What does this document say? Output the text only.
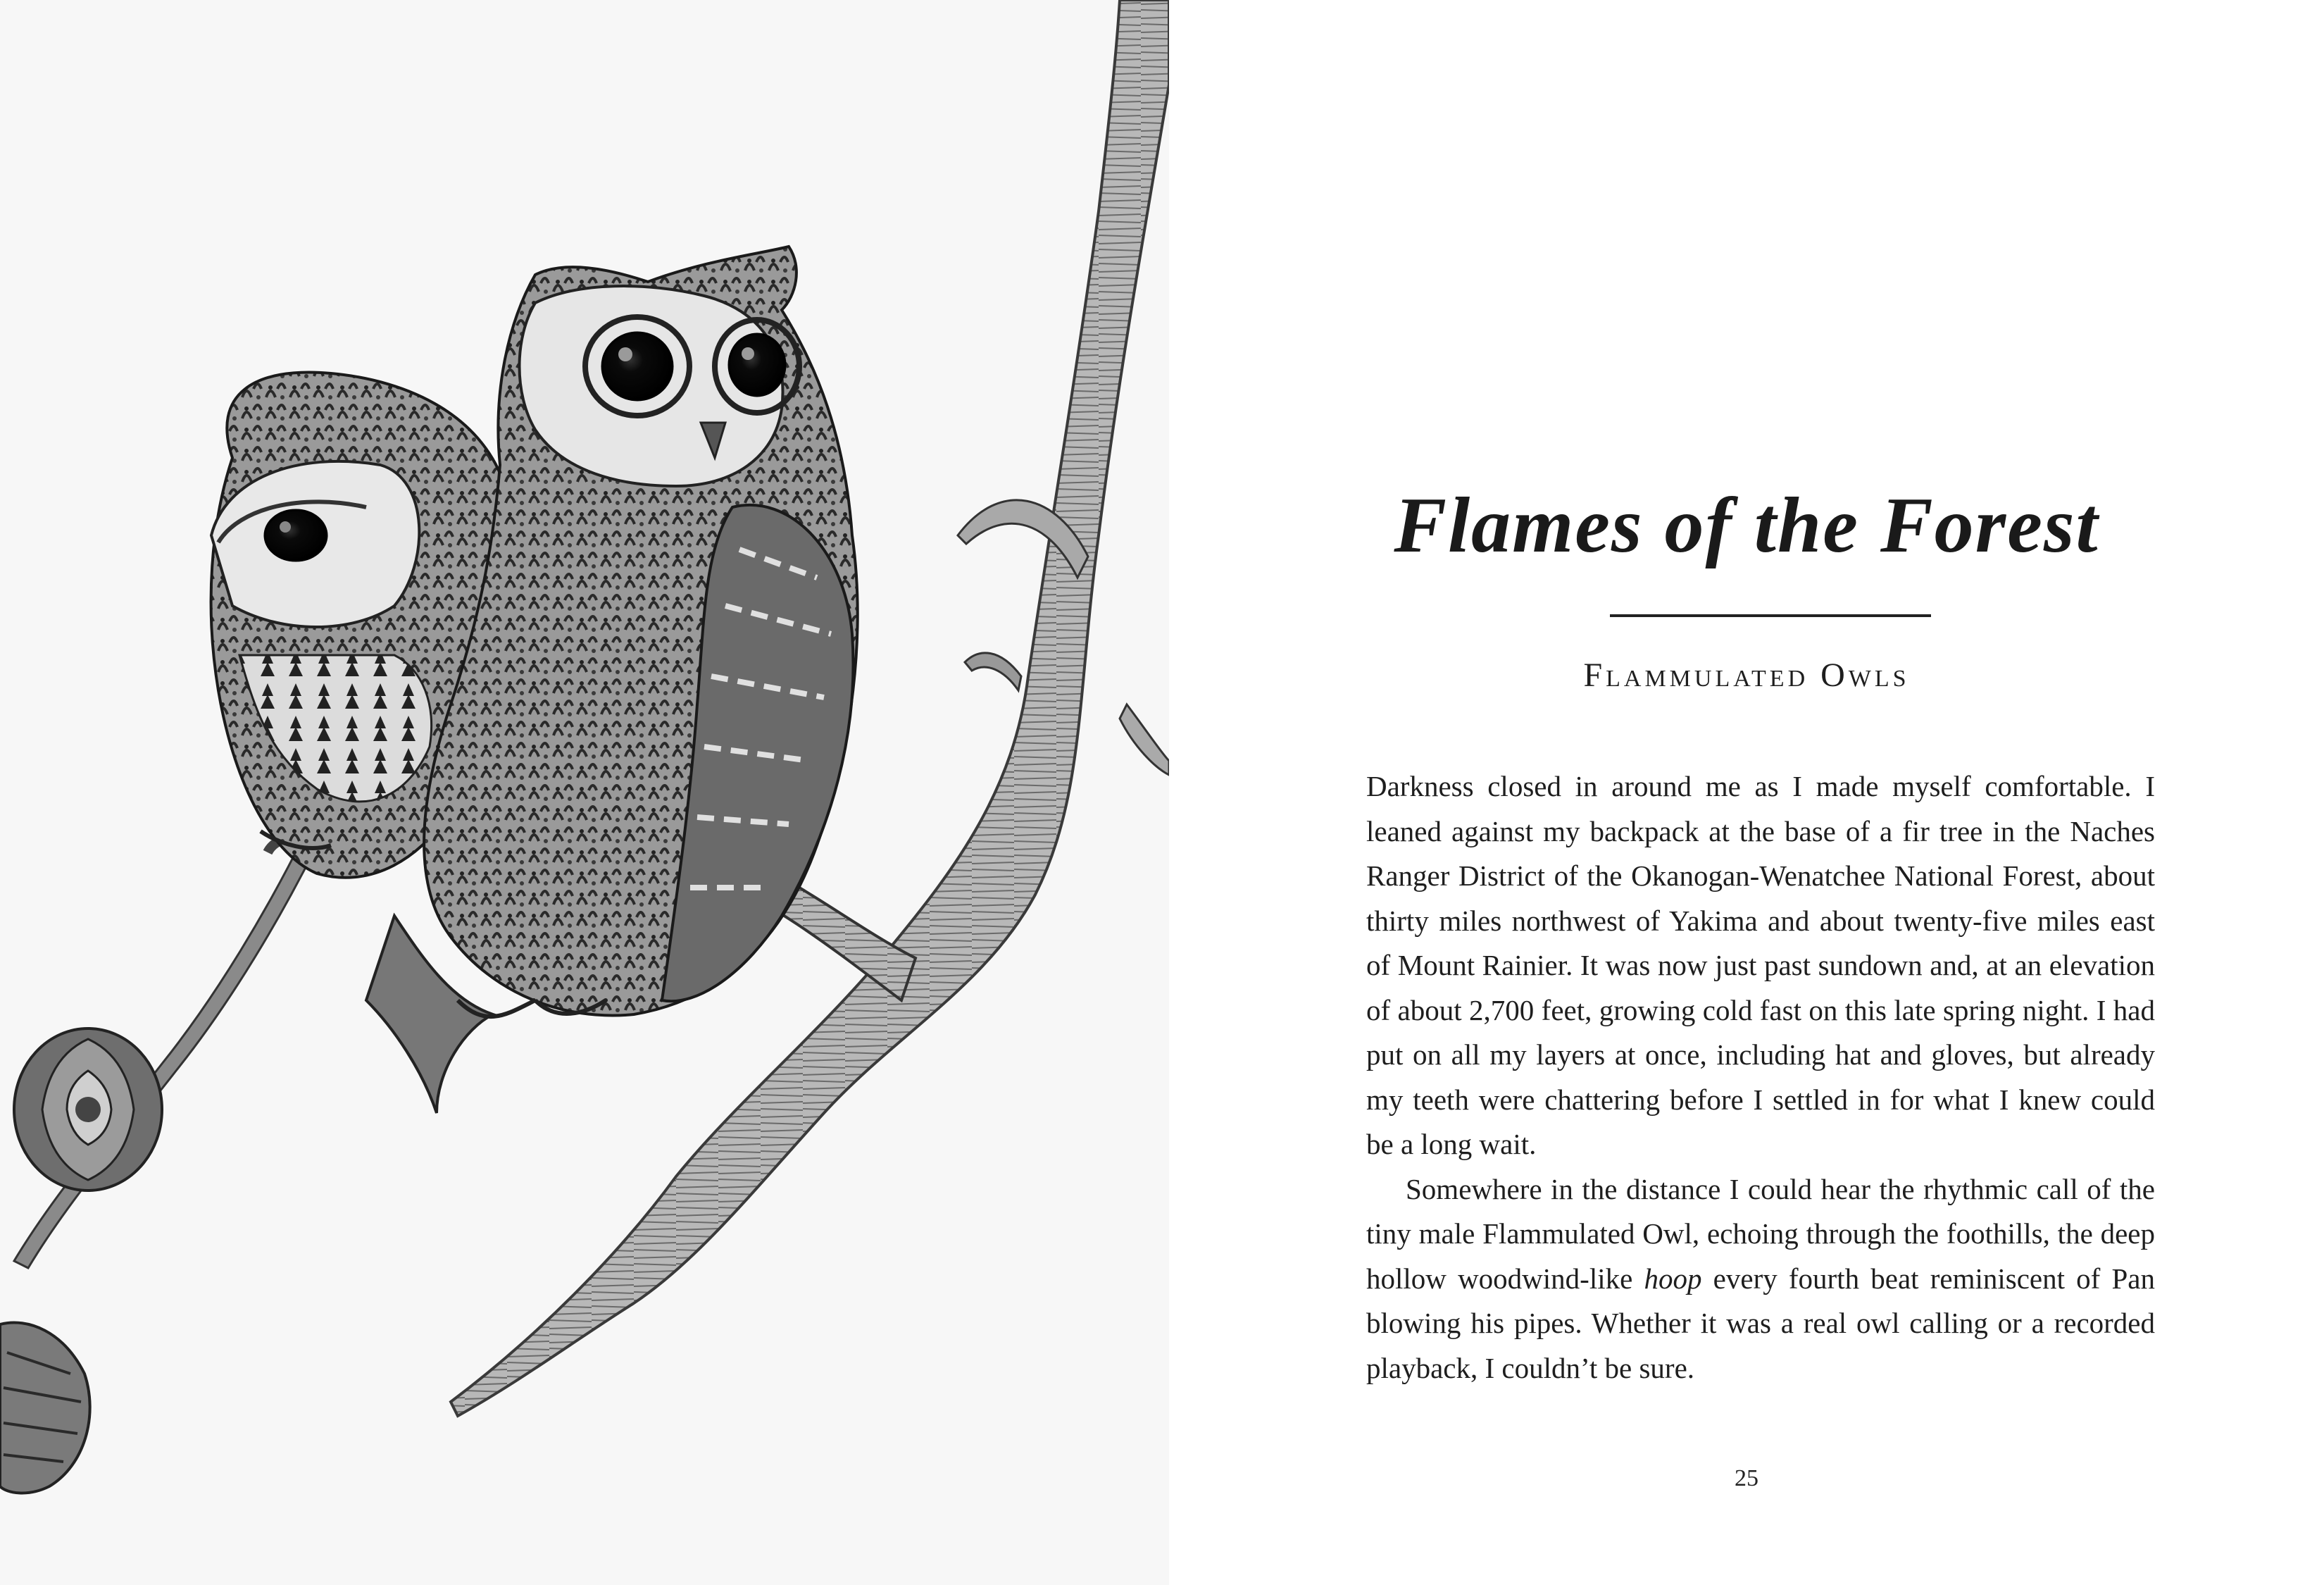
Flames of the Forest
Flammulated Owls

Darkness closed in around me as I made myself comfortable. I leaned against my backpack at the base of a fir tree in the Naches Ranger District of the Okanogan-Wenatchee National Forest, about thirty miles northwest of Yakima and about twenty-five miles east of Mount Rainier. It was now just past sundown and, at an elevation of about 2,700 feet, growing cold fast on this late spring night. I had put on all my layers at once, including hat and gloves, but already my teeth were chattering before I settled in for what I knew could be a long wait.

Somewhere in the distance I could hear the rhythmic call of the tiny male Flammulated Owl, echoing through the foothills, the deep hollow woodwind-like hoop every fourth beat reminiscent of Pan blowing his pipes. Whether it was a real owl calling or a recorded playback, I couldn’t be sure.

25
